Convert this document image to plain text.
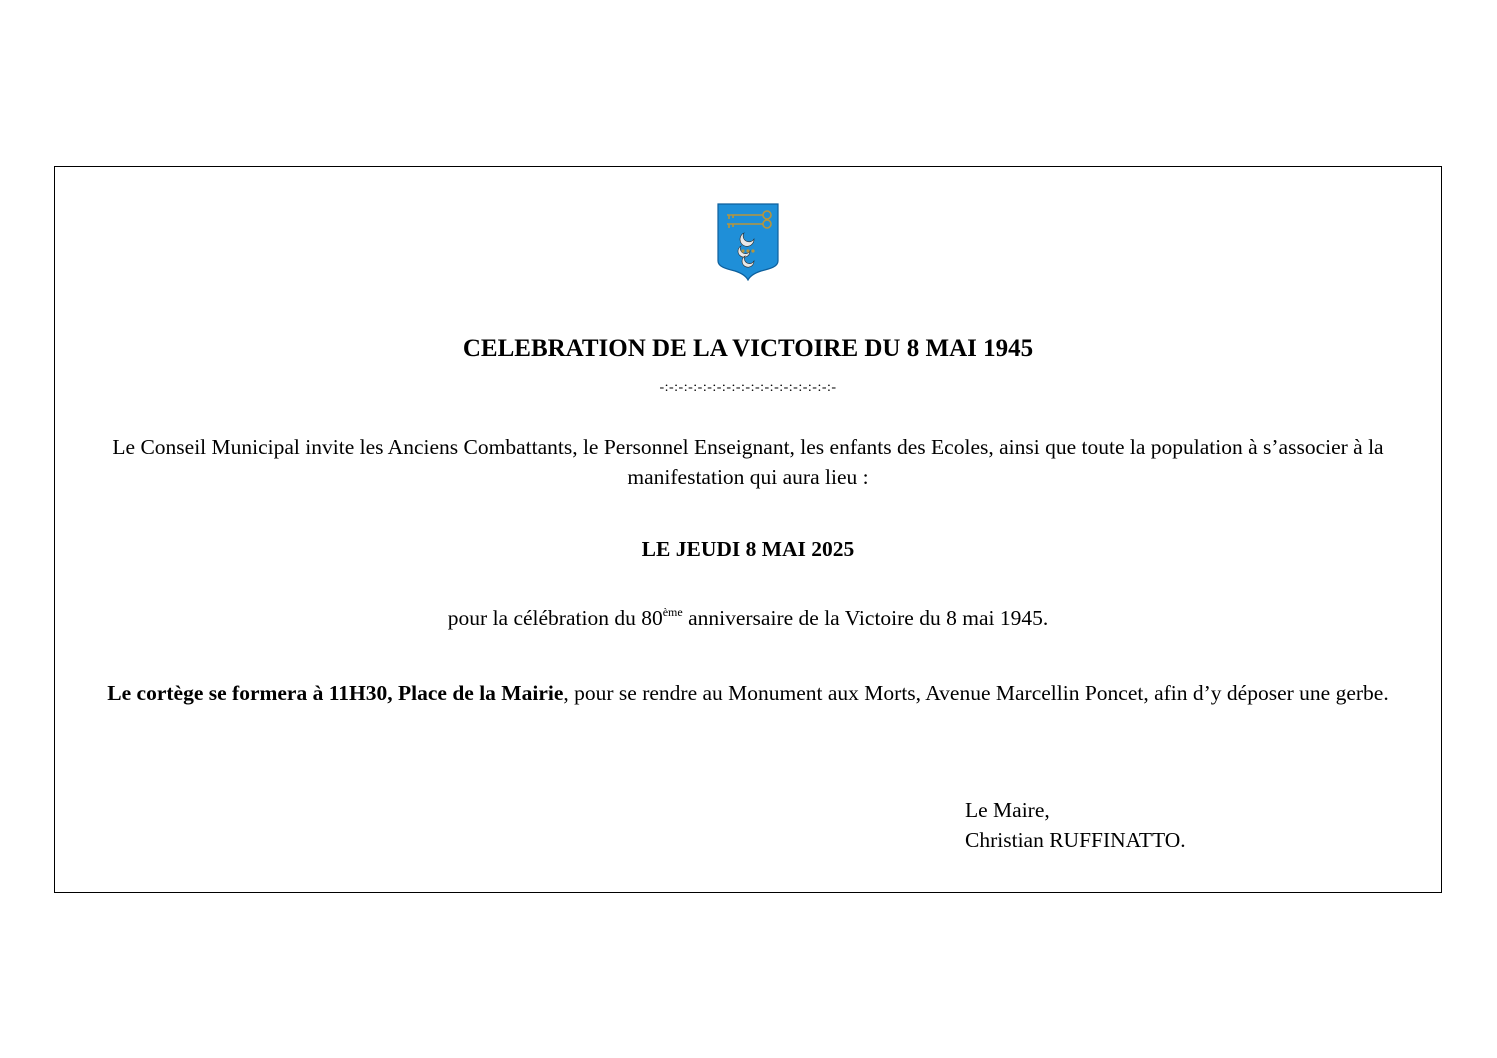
CELEBRATION DE LA VICTOIRE DU 8 MAI 1945
-:-:-:-:-:-:-:-:-:-:-:-:-:-:-:-:-:-:-
Le Conseil Municipal invite les Anciens Combattants, le Personnel Enseignant, les enfants des Ecoles, ainsi que toute la population à s’associer à la manifestation qui aura lieu :
LE JEUDI 8 MAI 2025
pour la célébration du 80ème anniversaire de la Victoire du 8 mai 1945.
Le cortège se formera à 11H30, Place de la Mairie, pour se rendre au Monument aux Morts, Avenue Marcellin Poncet, afin d’y déposer une gerbe.
Le Maire,
Christian RUFFINATTO.
